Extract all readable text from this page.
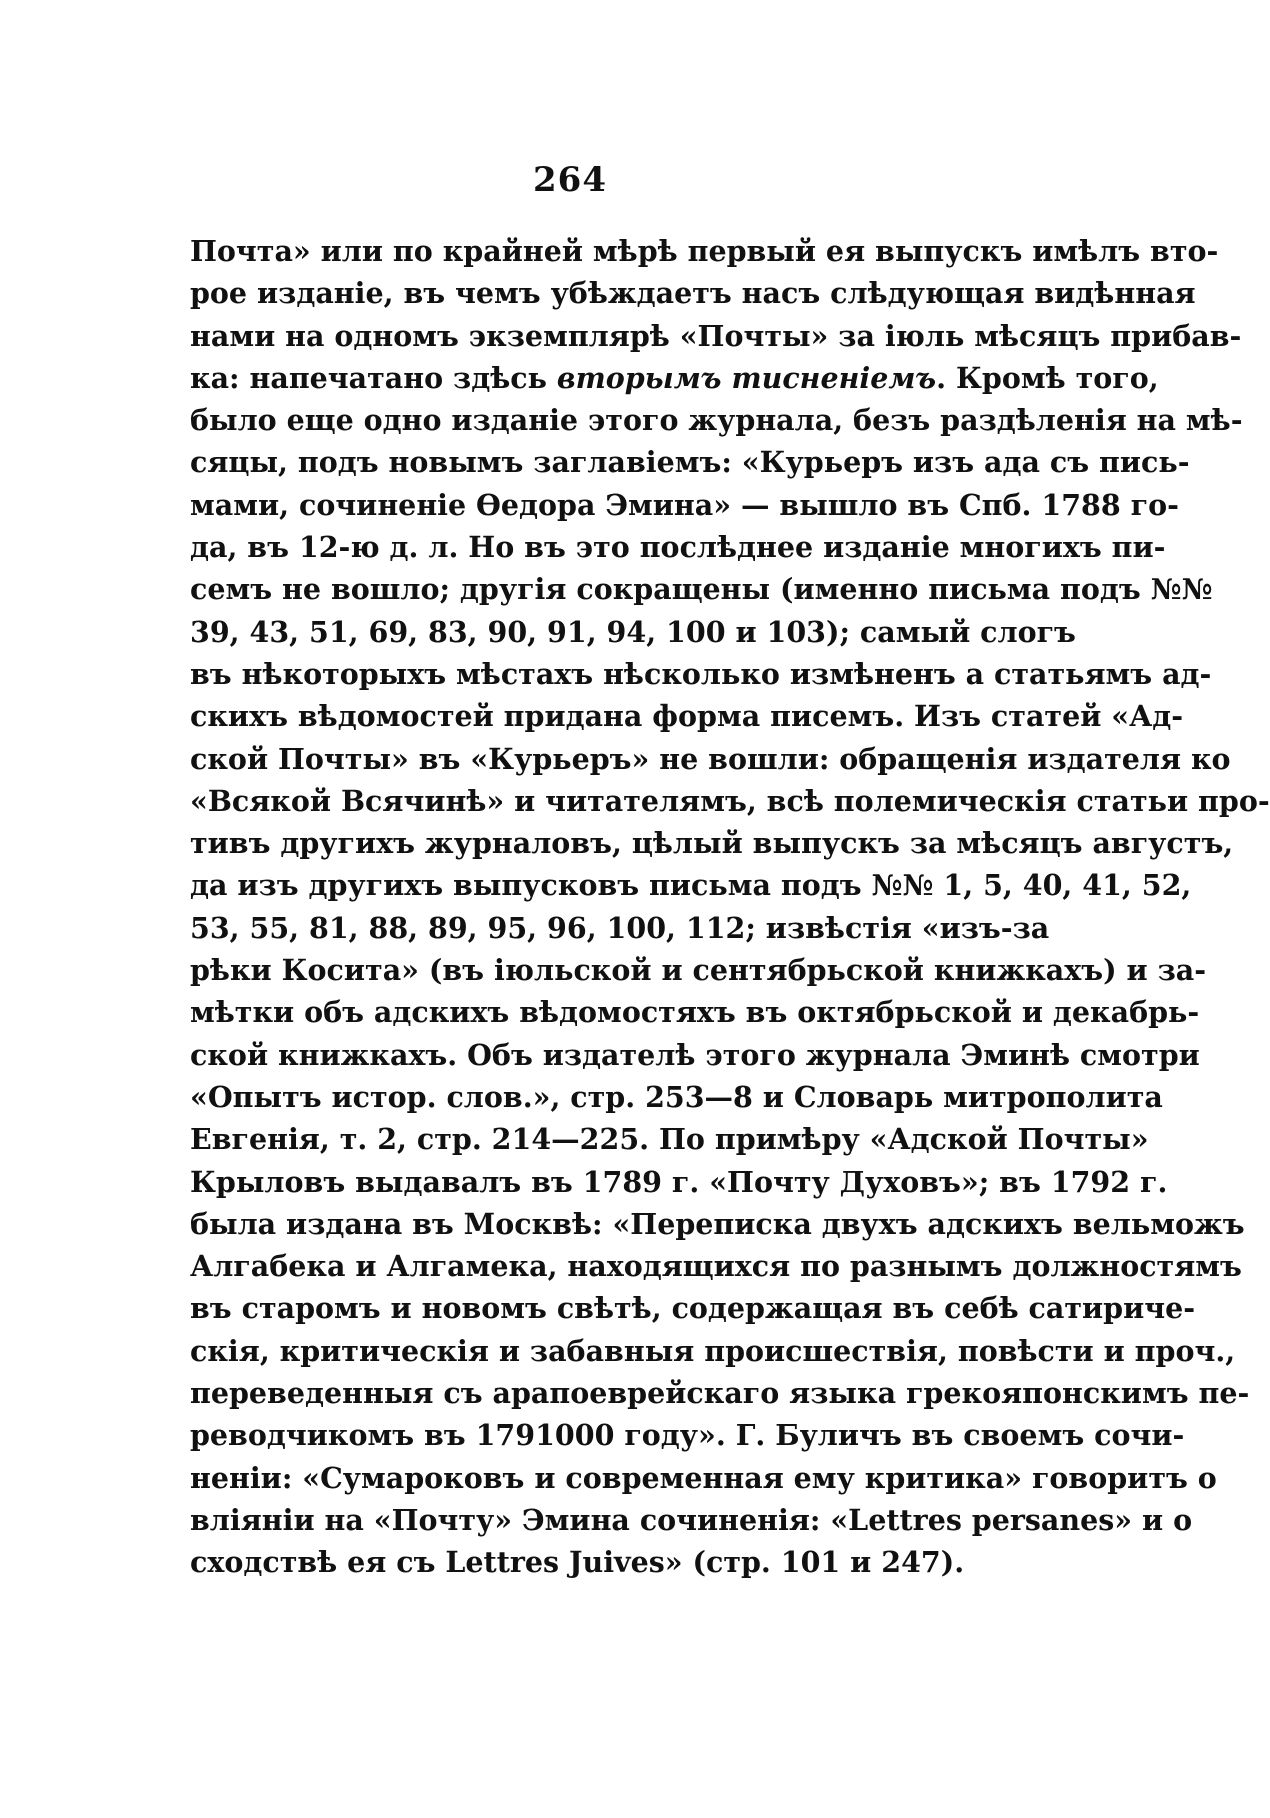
264
Почта» или по крайней мѣрѣ первый ея выпускъ имѣлъ вто-
рое изданіе, въ чемъ убѣждаетъ насъ слѣдующая видѣнная
нами на одномъ экземплярѣ «Почты» за іюль мѣсяцъ прибав-
ка: напечатано здѣсь вторымъ тисненіемъ. Кромѣ того,
было еще одно изданіе этого журнала, безъ раздѣленія на мѣ-
сяцы, подъ новымъ заглавіемъ: «Курьеръ изъ ада съ пись-
мами, сочиненіе Ѳедора Эмина» — вышло въ Спб. 1788 го-
да, въ 12-ю д. л. Но въ это послѣднее изданіе многихъ пи-
семъ не вошло; другія сокращены (именно письма подъ №№
39, 43, 51, 69, 83, 90, 91, 94, 100 и 103); самый слогъ
въ нѣкоторыхъ мѣстахъ нѣсколько измѣненъ а статьямъ ад-
скихъ вѣдомостей придана форма писемъ. Изъ статей «Ад-
ской Почты» въ «Курьеръ» не вошли: обращенія издателя ко
«Всякой Всячинѣ» и читателямъ, всѣ полемическія статьи про-
тивъ другихъ журналовъ, цѣлый выпускъ за мѣсяцъ августъ,
да изъ другихъ выпусковъ письма подъ №№ 1, 5, 40, 41, 52,
53, 55, 81, 88, 89, 95, 96, 100, 112; извѣстія «изъ-за
рѣки Косита» (въ іюльской и сентябрьской книжкахъ) и за-
мѣтки объ адскихъ вѣдомостяхъ въ октябрьской и декабрь-
ской книжкахъ. Объ издателѣ этого журнала Эминѣ смотри
«Опытъ истор. слов.», стр. 253—8 и Словарь митрополита
Евгенія, т. 2, стр. 214—225. По примѣру «Адской Почты»
Крыловъ выдавалъ въ 1789 г. «Почту Духовъ»; въ 1792 г.
была издана въ Москвѣ: «Переписка двухъ адскихъ вельможъ
Алгабека и Алгамека, находящихся по разнымъ должностямъ
въ старомъ и новомъ свѣтѣ, содержащая въ себѣ сатириче-
скія, критическія и забавныя происшествія, повѣсти и проч.,
переведенныя съ арапоеврейскаго языка грекояпонскимъ пе-
реводчикомъ въ 1791000 году». Г. Буличъ въ своемъ сочи-
неніи: «Сумароковъ и современная ему критика» говоритъ о
вліяніи на «Почту» Эмина сочиненія: «Lettres persanes» и о
сходствѣ ея съ Lettres Juives» (стр. 101 и 247).
